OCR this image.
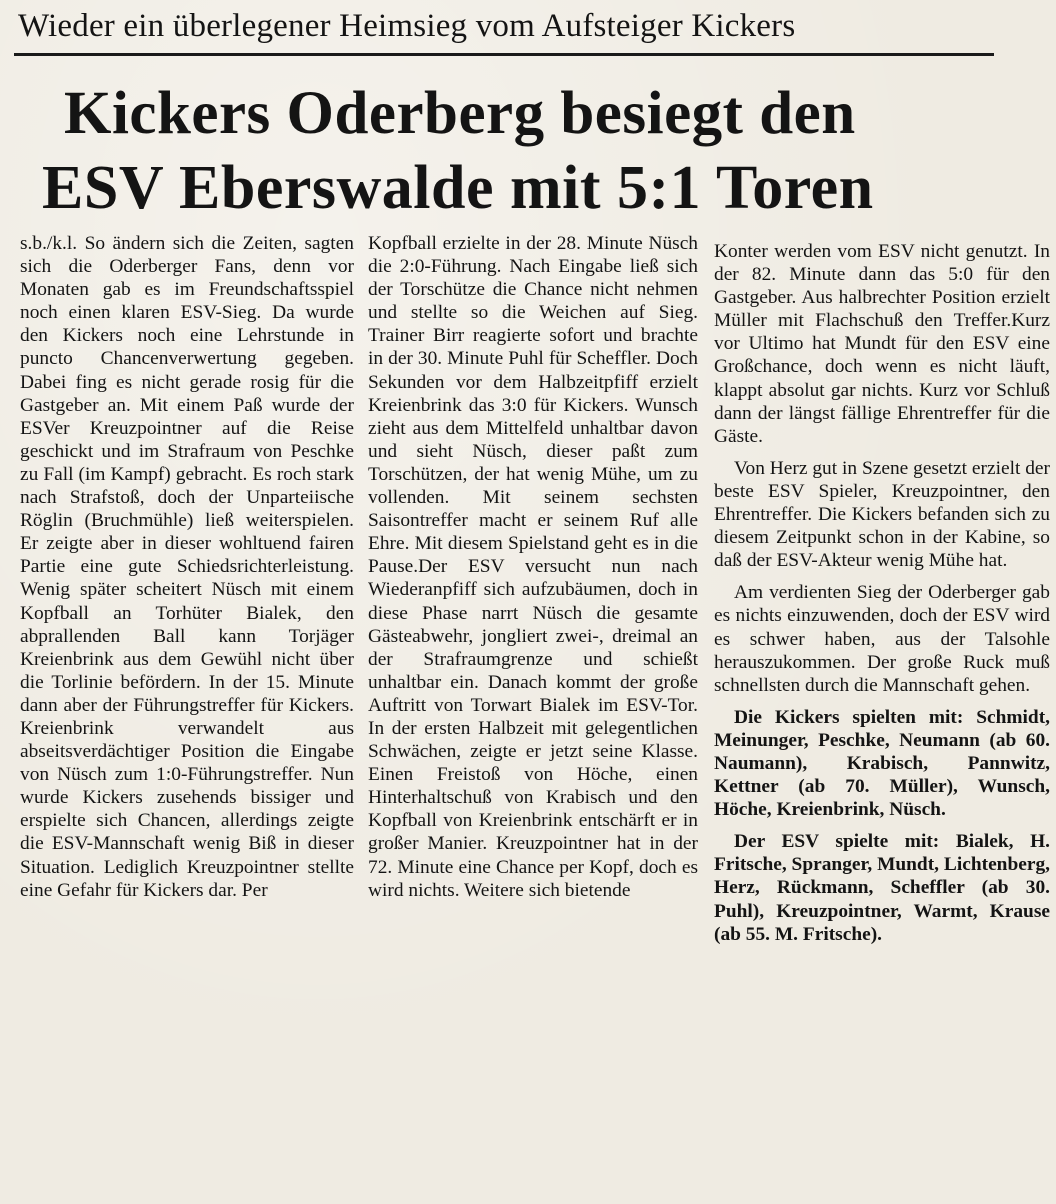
Wieder ein überlegener Heimsieg vom Aufsteiger Kickers
Kickers Oderberg besiegt den
ESV Eberswalde mit 5:1 Toren

s.b./k.l. So ändern sich die Zeiten, sagten sich die Oderberger Fans, denn vor Monaten gab es im Freundschaftsspiel noch einen klaren ESV-Sieg. Da wurde den Kickers noch eine Lehrstunde in puncto Chancenverwertung gegeben. Dabei fing es nicht gerade rosig für die Gastgeber an. Mit einem Paß wurde der ESVer Kreuzpointner auf die Reise geschickt und im Strafraum von Peschke zu Fall (im Kampf) gebracht. Es roch stark nach Strafstoß, doch der Unparteiische Röglin (Bruchmühle) ließ weiterspielen. Er zeigte aber in dieser wohltuend fairen Partie eine gute Schiedsrichterleistung. Wenig später scheitert Nüsch mit einem Kopfball an Torhüter Bialek, den abprallenden Ball kann Torjäger Kreienbrink aus dem Gewühl nicht über die Torlinie befördern. In der 15. Minute dann aber der Führungstreffer für Kickers. Kreienbrink verwandelt aus abseitsverdächtiger Position die Eingabe von Nüsch zum 1:0-Führungstreffer. Nun wurde Kickers zusehends bissiger und erspielte sich Chancen, allerdings zeigte die ESV-Mannschaft wenig Biß in dieser Situation. Lediglich Kreuzpointner stellte eine Gefahr für Kickers dar. Per

Kopfball erzielte in der 28. Minute Nüsch die 2:0-Führung. Nach Eingabe ließ sich der Torschütze die Chance nicht nehmen und stellte so die Weichen auf Sieg. Trainer Birr reagierte sofort und brachte in der 30. Minute Puhl für Scheffler. Doch Sekunden vor dem Halbzeitpfiff erzielt Kreienbrink das 3:0 für Kickers. Wunsch zieht aus dem Mittelfeld unhaltbar davon und sieht Nüsch, dieser paßt zum Torschützen, der hat wenig Mühe, um zu vollenden. Mit seinem sechsten Saisontreffer macht er seinem Ruf alle Ehre. Mit diesem Spielstand geht es in die Pause.Der ESV versucht nun nach Wiederanpfiff sich aufzubäumen, doch in diese Phase narrt Nüsch die gesamte Gästeabwehr, jongliert zwei-, dreimal an der Strafraumgrenze und schießt unhaltbar ein. Danach kommt der große Auftritt von Torwart Bialek im ESV-Tor. In der ersten Halbzeit mit gelegentlichen Schwächen, zeigte er jetzt seine Klasse. Einen Freistoß von Höche, einen Hinterhaltschuß von Krabisch und den Kopfball von Kreienbrink entschärft er in großer Manier. Kreuzpointner hat in der 72. Minute eine Chance per Kopf, doch es wird nichts. Weitere sich bietende

Konter werden vom ESV nicht genutzt. In der 82. Minute dann das 5:0 für den Gastgeber. Aus halbrechter Position erzielt Müller mit Flachschuß den Treffer.Kurz vor Ultimo hat Mundt für den ESV eine Großchance, doch wenn es nicht läuft, klappt absolut gar nichts. Kurz vor Schluß dann der längst fällige Ehrentreffer für die Gäste.

Von Herz gut in Szene gesetzt erzielt der beste ESV Spieler, Kreuzpointner, den Ehrentreffer. Die Kickers befanden sich zu diesem Zeitpunkt schon in der Kabine, so daß der ESV-Akteur wenig Mühe hat.

Am verdienten Sieg der Oderberger gab es nichts einzuwenden, doch der ESV wird es schwer haben, aus der Talsohle herauszukommen. Der große Ruck muß schnellsten durch die Mannschaft gehen.

Die Kickers spielten mit: Schmidt, Meinunger, Peschke, Neumann (ab 60. Naumann), Krabisch, Pannwitz, Kettner (ab 70. Müller), Wunsch, Höche, Kreienbrink, Nüsch.

Der ESV spielte mit: Bialek, H. Fritsche, Spranger, Mundt, Lichtenberg, Herz, Rückmann, Scheffler (ab 30. Puhl), Kreuzpointner, Warmt, Krause (ab 55. M. Fritsche).
